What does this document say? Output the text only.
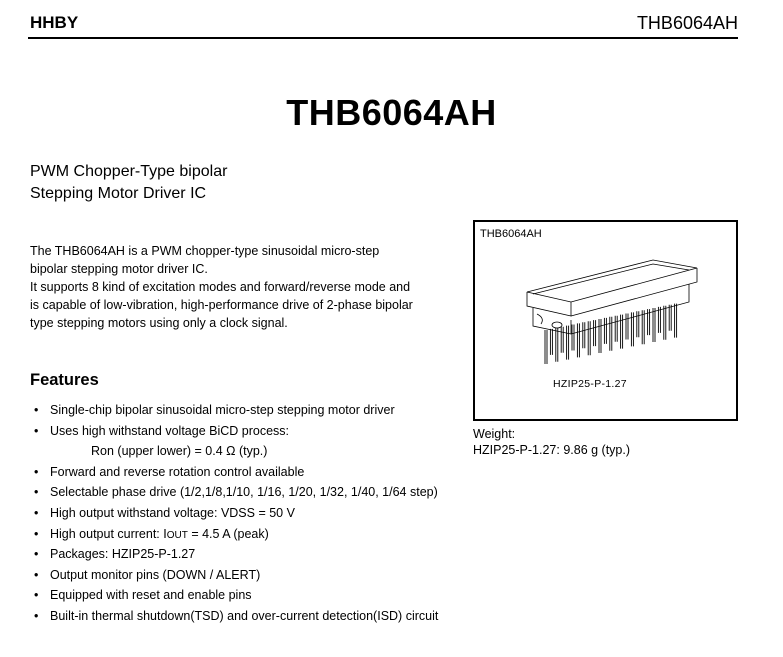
HHBY	THB6064AH
THB6064AH
PWM Chopper-Type bipolar
Stepping Motor Driver IC
The THB6064AH is a PWM chopper-type sinusoidal micro-step
bipolar stepping motor driver IC.
It supports 8 kind of excitation modes and forward/reverse mode and
is capable of low-vibration, high-performance drive of 2-phase bipolar
type stepping motors using only a clock signal.
THB6064AH
HZIP25-P-1.27
Weight:
HZIP25-P-1.27: 9.86 g (typ.)
Features
• Single-chip bipolar sinusoidal micro-step stepping motor driver
• Uses high withstand voltage BiCD process:
Ron (upper lower) = 0.4 Ω (typ.)
• Forward and reverse rotation control available
• Selectable phase drive (1/2,1/8,1/10, 1/16, 1/20, 1/32, 1/40, 1/64 step)
• High output withstand voltage: VDSS = 50 V
• High output current: IOUT = 4.5 A (peak)
• Packages: HZIP25-P-1.27
• Output monitor pins (DOWN / ALERT)
• Equipped with reset and enable pins
• Built-in thermal shutdown(TSD) and over-current detection(ISD) circuit
